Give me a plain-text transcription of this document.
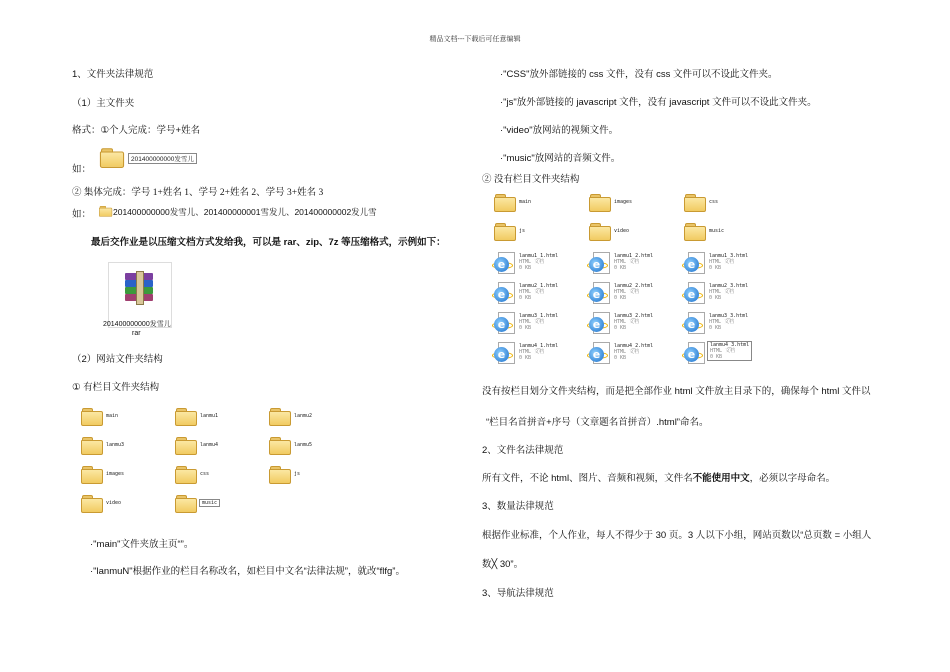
精品文档---下载后可任意编辑
1、文件夹法律规范
（1）主文件夹
格式：①个人完成：学号+姓名
如：
201400000000发雪儿
② 集体完成：学号 1+姓名 1、学号 2+姓名 2、学号 3+姓名 3
如：	201400000000发雪儿、201400000001雪发儿、201400000002发儿雪
最后交作业是以压缩文档方式发给我，可以是 rar、zip、7z 等压缩格式，示例如下：
201400000000发雪儿
rar
（2）网站文件夹结构
① 有栏目文件夹结构
main	lanmu1	lanmu2
lanmu3	lanmu4	lanmu5
images	css	js
video	music
·"main"文件夹放主页“”。
·"lanmuN"根据作业的栏目名称改名，如栏目中文名“法律法规”，就改“flfg”。
·"CSS"放外部链接的 css 文件，没有 css 文件可以不设此文件夹。
·"js"放外部链接的 javascript 文件，没有 javascript 文件可以不设此文件夹。
·"video"放网站的视频文件。
·"music"放网站的音频文件。
② 没有栏目文件夹结构
main	images	css
js	video	music
e
lanmu1_1.html
HTML 文档
0 KB	e
lanmu1_2.html
HTML 文档
0 KB	e
lanmu1_3.html
HTML 文档
0 KB
e
lanmu2_1.html
HTML 文档
0 KB	e
lanmu2_2.html
HTML 文档
0 KB	e
lanmu2_3.html
HTML 文档
0 KB
e
lanmu3_1.html
HTML 文档
0 KB	e
lanmu3_2.html
HTML 文档
0 KB	e
lanmu3_3.html
HTML 文档
0 KB
e
lanmu4_1.html
HTML 文档
0 KB	e
lanmu4_2.html
HTML 文档
0 KB	e
lanmu4_3.html
HTML 文档
0 KB
没有按栏目划分文件夹结构，而是把全部作业 html 文件放主目录下的，确保每个 html 文件以
“栏目名首拼音+序号（文章题名首拼音）.html”命名。
2、文件名法律规范
所有文件，不论 html、图片、音频和视频，文件名不能使用中文，必须以字母命名。
3、数量法律规范
根据作业标准，个人作业，每人不得少于 30 页。3 人以下小组，网站页数以“总页数 = 小组人
数╳ 30”。
3、导航法律规范
